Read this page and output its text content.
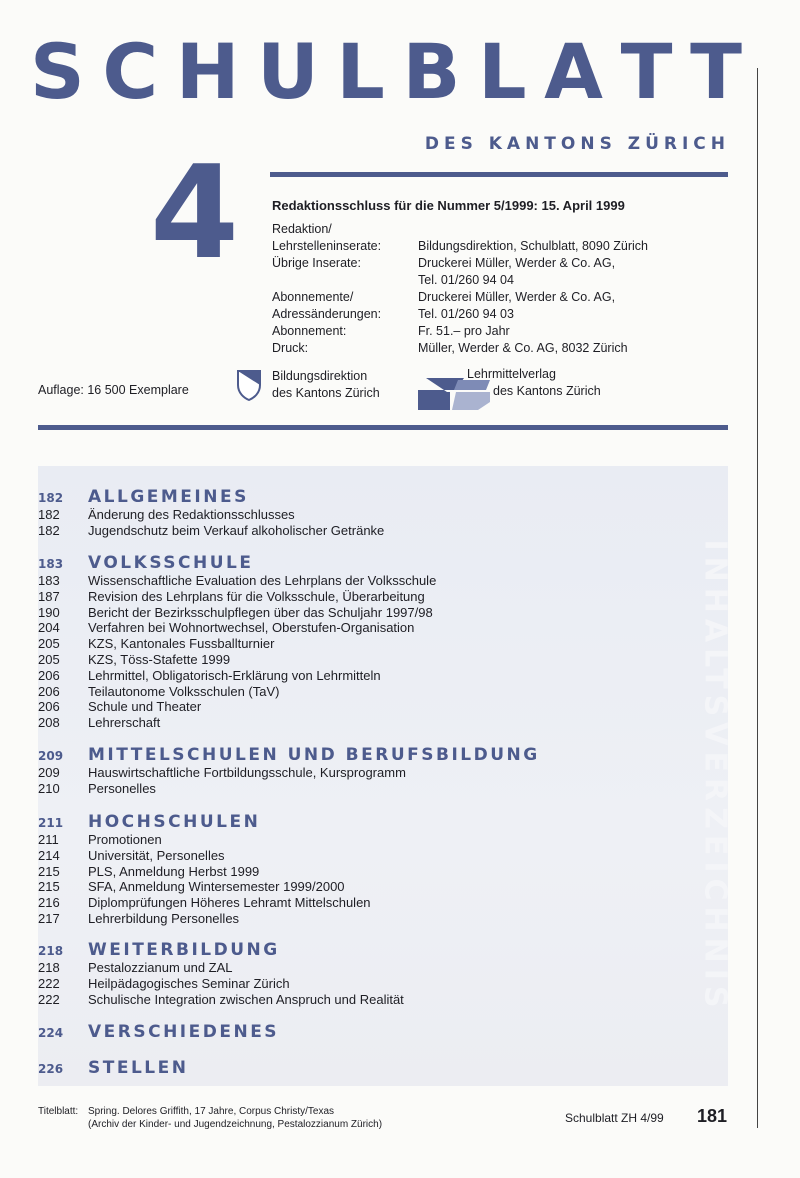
S C H U L B L A T T
DES KANTONS ZÜRICH
4	Redaktionsschluss für die Nummer 5/1999: 15. April 1999
Redaktion/
Lehrstelleninserate:	Bildungsdirektion, Schulblatt, 8090 Zürich
Übrige Inserate:	Druckerei Müller, Werder & Co. AG,
Tel. 01/260 94 04
Abonnemente/	Druckerei Müller, Werder & Co. AG,
Adressänderungen:	Tel. 01/260 94 03
Abonnement:	Fr. 51.– pro Jahr
Druck:	Müller, Werder & Co. AG, 8032 Zürich
Auflage: 16 500 Exemplare
Bildungsdirektion
des Kantons Zürich
Lehrmittelverlag
des Kantons Zürich
INHALTSVERZEICHNIS
182	ALLGEMEINES
182	Änderung des Redaktionsschlusses
182	Jugendschutz beim Verkauf alkoholischer Getränke
183	VOLKSSCHULE
183	Wissenschaftliche Evaluation des Lehrplans der Volksschule
187	Revision des Lehrplans für die Volksschule, Überarbeitung
190	Bericht der Bezirksschulpflegen über das Schuljahr 1997/98
204	Verfahren bei Wohnortwechsel, Oberstufen-Organisation
205	KZS, Kantonales Fussballturnier
205	KZS, Töss-Stafette 1999
206	Lehrmittel, Obligatorisch-Erklärung von Lehrmitteln
206	Teilautonome Volksschulen (TaV)
206	Schule und Theater
208	Lehrerschaft
209	MITTELSCHULEN UND BERUFSBILDUNG
209	Hauswirtschaftliche Fortbildungsschule, Kursprogramm
210	Personelles
211	HOCHSCHULEN
211	Promotionen
214	Universität, Personelles
215	PLS, Anmeldung Herbst 1999
215	SFA, Anmeldung Wintersemester 1999/2000
216	Diplomprüfungen Höheres Lehramt Mittelschulen
217	Lehrerbildung Personelles
218	WEITERBILDUNG
218	Pestalozzianum und ZAL
222	Heilpädagogisches Seminar Zürich
222	Schulische Integration zwischen Anspruch und Realität
224	VERSCHIEDENES
226	STELLEN
Titelblatt: Spring. Delores Griffith, 17 Jahre, Corpus Christy/Texas
(Archiv der Kinder- und Jugendzeichnung, Pestalozzianum Zürich)	Schulblatt ZH 4/99 181
